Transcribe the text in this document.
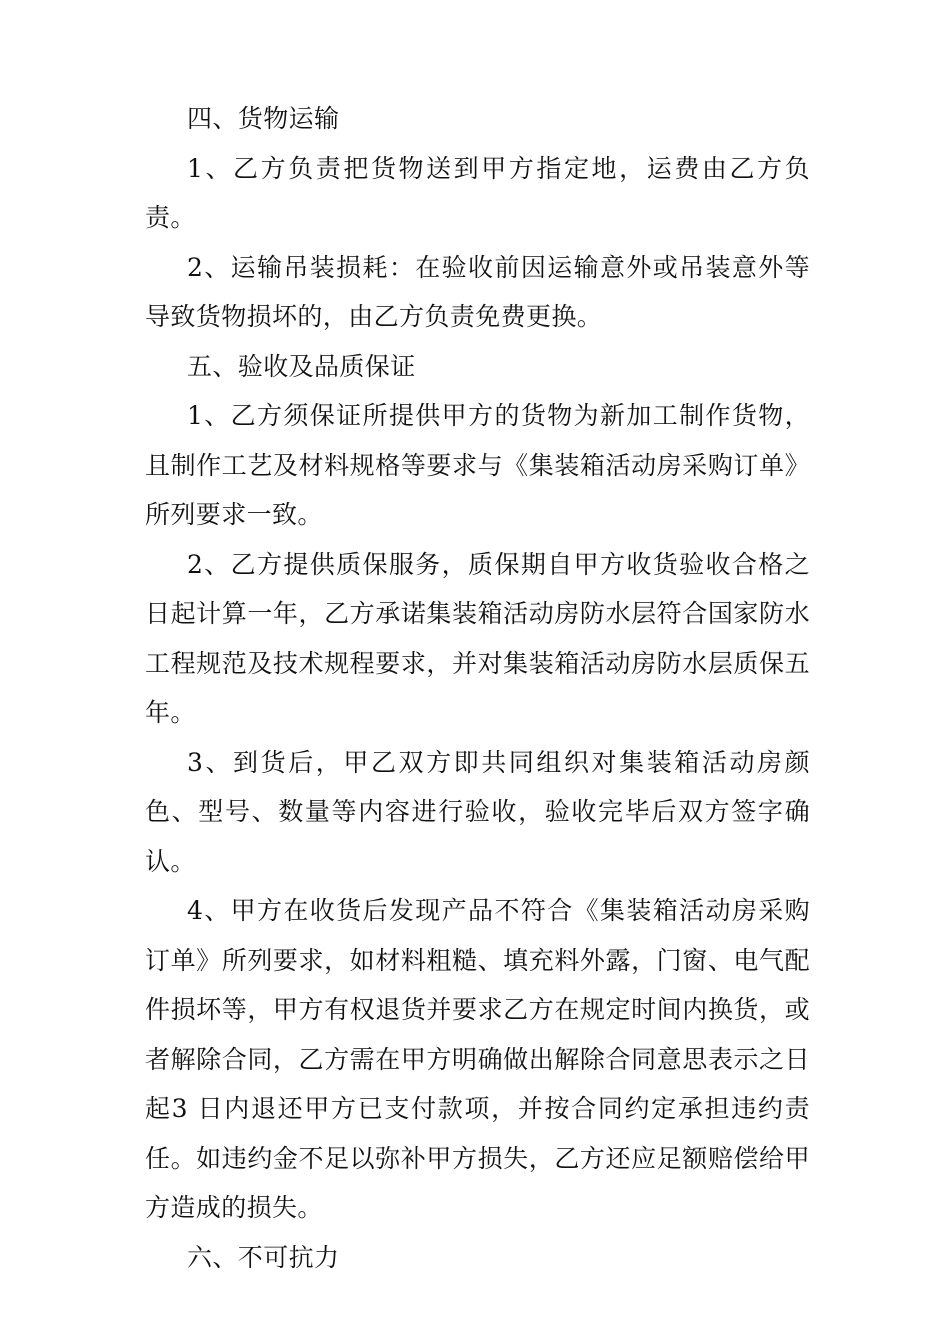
四、货物运输

1、乙方负责把货物送到甲方指定地，运费由乙方负责。

2、运输吊装损耗：在验收前因运输意外或吊装意外等导致货物损坏的，由乙方负责免费更换。

五、验收及品质保证

1、乙方须保证所提供甲方的货物为新加工制作货物，且制作工艺及材料规格等要求与《集装箱活动房采购订单》所列要求一致。

2、乙方提供质保服务，质保期自甲方收货验收合格之日起计算一年，乙方承诺集装箱活动房防水层符合国家防水工程规范及技术规程要求，并对集装箱活动房防水层质保五年。

3、到货后，甲乙双方即共同组织对集装箱活动房颜色、型号、数量等内容进行验收，验收完毕后双方签字确认。

4、甲方在收货后发现产品不符合《集装箱活动房采购订单》所列要求，如材料粗糙、填充料外露，门窗、电气配件损坏等，甲方有权退货并要求乙方在规定时间内换货，或者解除合同，乙方需在甲方明确做出解除合同意思表示之日起3 日内退还甲方已支付款项，并按合同约定承担违约责任。如违约金不足以弥补甲方损失，乙方还应足额赔偿给甲方造成的损失。

六、不可抗力
